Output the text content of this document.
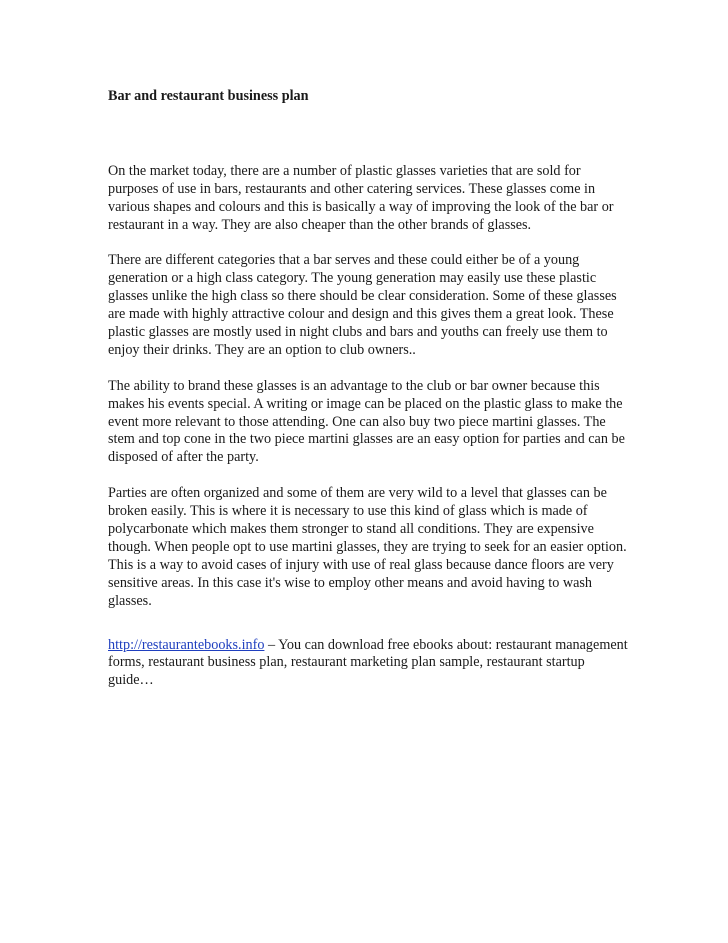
Bar and restaurant business plan

On the market today, there are a number of plastic glasses varieties that are sold for purposes of use in bars, restaurants and other catering services. These glasses come in various shapes and colours and this is basically a way of improving the look of the bar or restaurant in a way. They are also cheaper than the other brands of glasses.

There are different categories that a bar serves and these could either be of a young generation or a high class category. The young generation may easily use these plastic glasses unlike the high class so there should be clear consideration. Some of these glasses are made with highly attractive colour and design and this gives them a great look. These plastic glasses are mostly used in night clubs and bars and youths can freely use them to enjoy their drinks. They are an option to club owners..

The ability to brand these glasses is an advantage to the club or bar owner because this makes his events special. A writing or image can be placed on the plastic glass to make the event more relevant to those attending. One can also buy two piece martini glasses. The stem and top cone in the two piece martini glasses are an easy option for parties and can be disposed of after the party.

Parties are often organized and some of them are very wild to a level that glasses can be broken easily. This is where it is necessary to use this kind of glass which is made of polycarbonate which makes them stronger to stand all conditions. They are expensive though. When people opt to use martini glasses, they are trying to seek for an easier option. This is a way to avoid cases of injury with use of real glass because dance floors are very sensitive areas. In this case it's wise to employ other means and avoid having to wash glasses.

http://restaurantebooks.info – You can download free ebooks about: restaurant management forms, restaurant business plan, restaurant marketing plan sample, restaurant startup guide…
